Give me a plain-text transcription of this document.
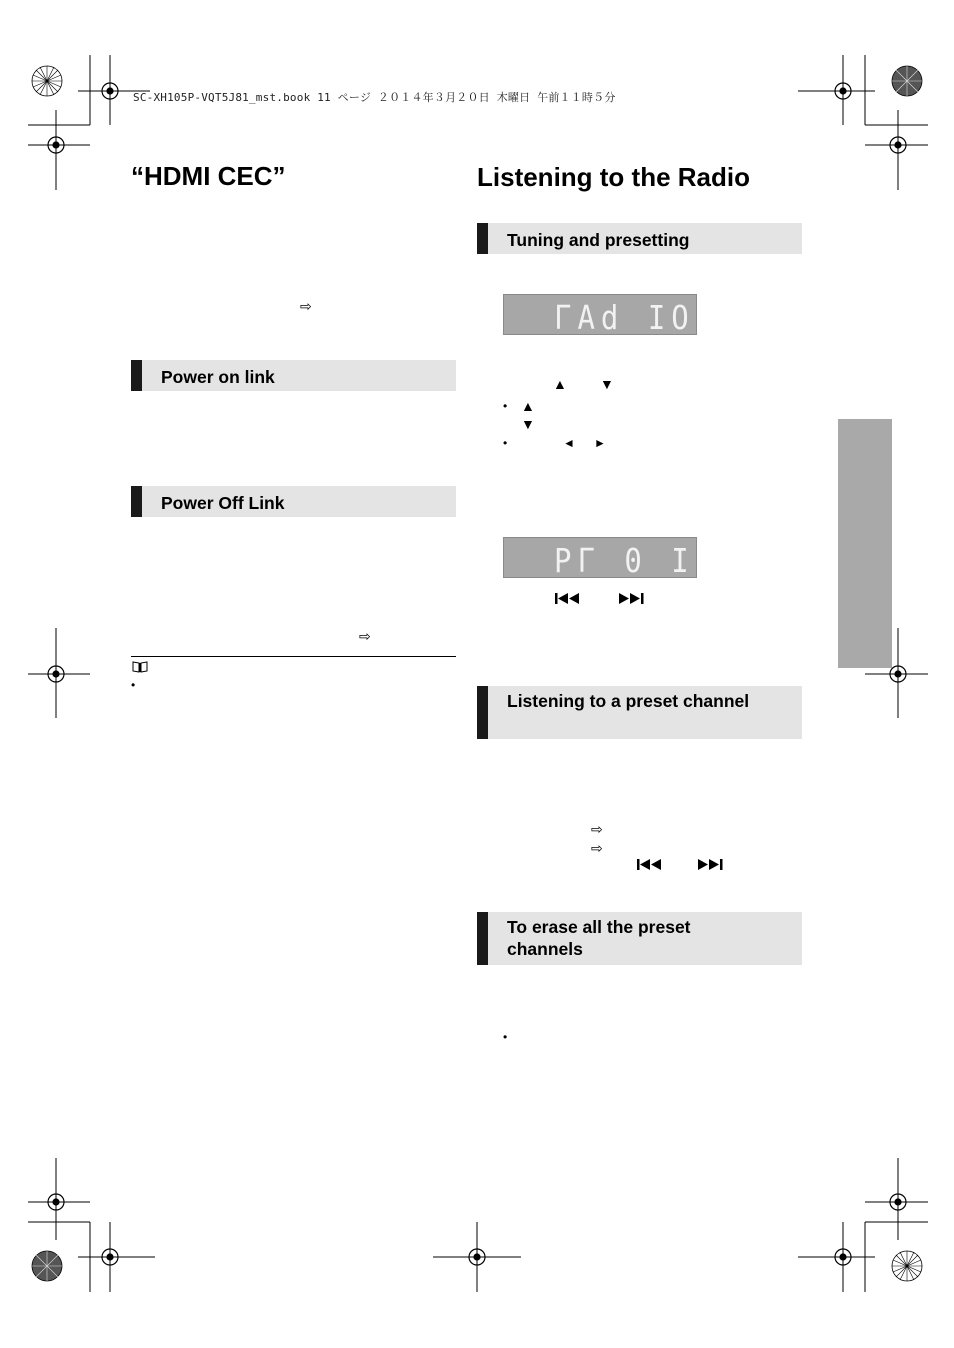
SC-XH105P-VQT5J81_mst.book 11 ページ ２０１４年３月２０日 木曜日 午前１１時５分
“HDMI CEC”
⇨
Power on link
Power Off Link
⇨
•
Listening to the Radio
Tuning and presetting
ГAd IO
▲ ▼
• ▲
▼
•	◄ ►
PГ 0 I
Listening to a preset channel
⇨
⇨
To erase all the preset channels
•
